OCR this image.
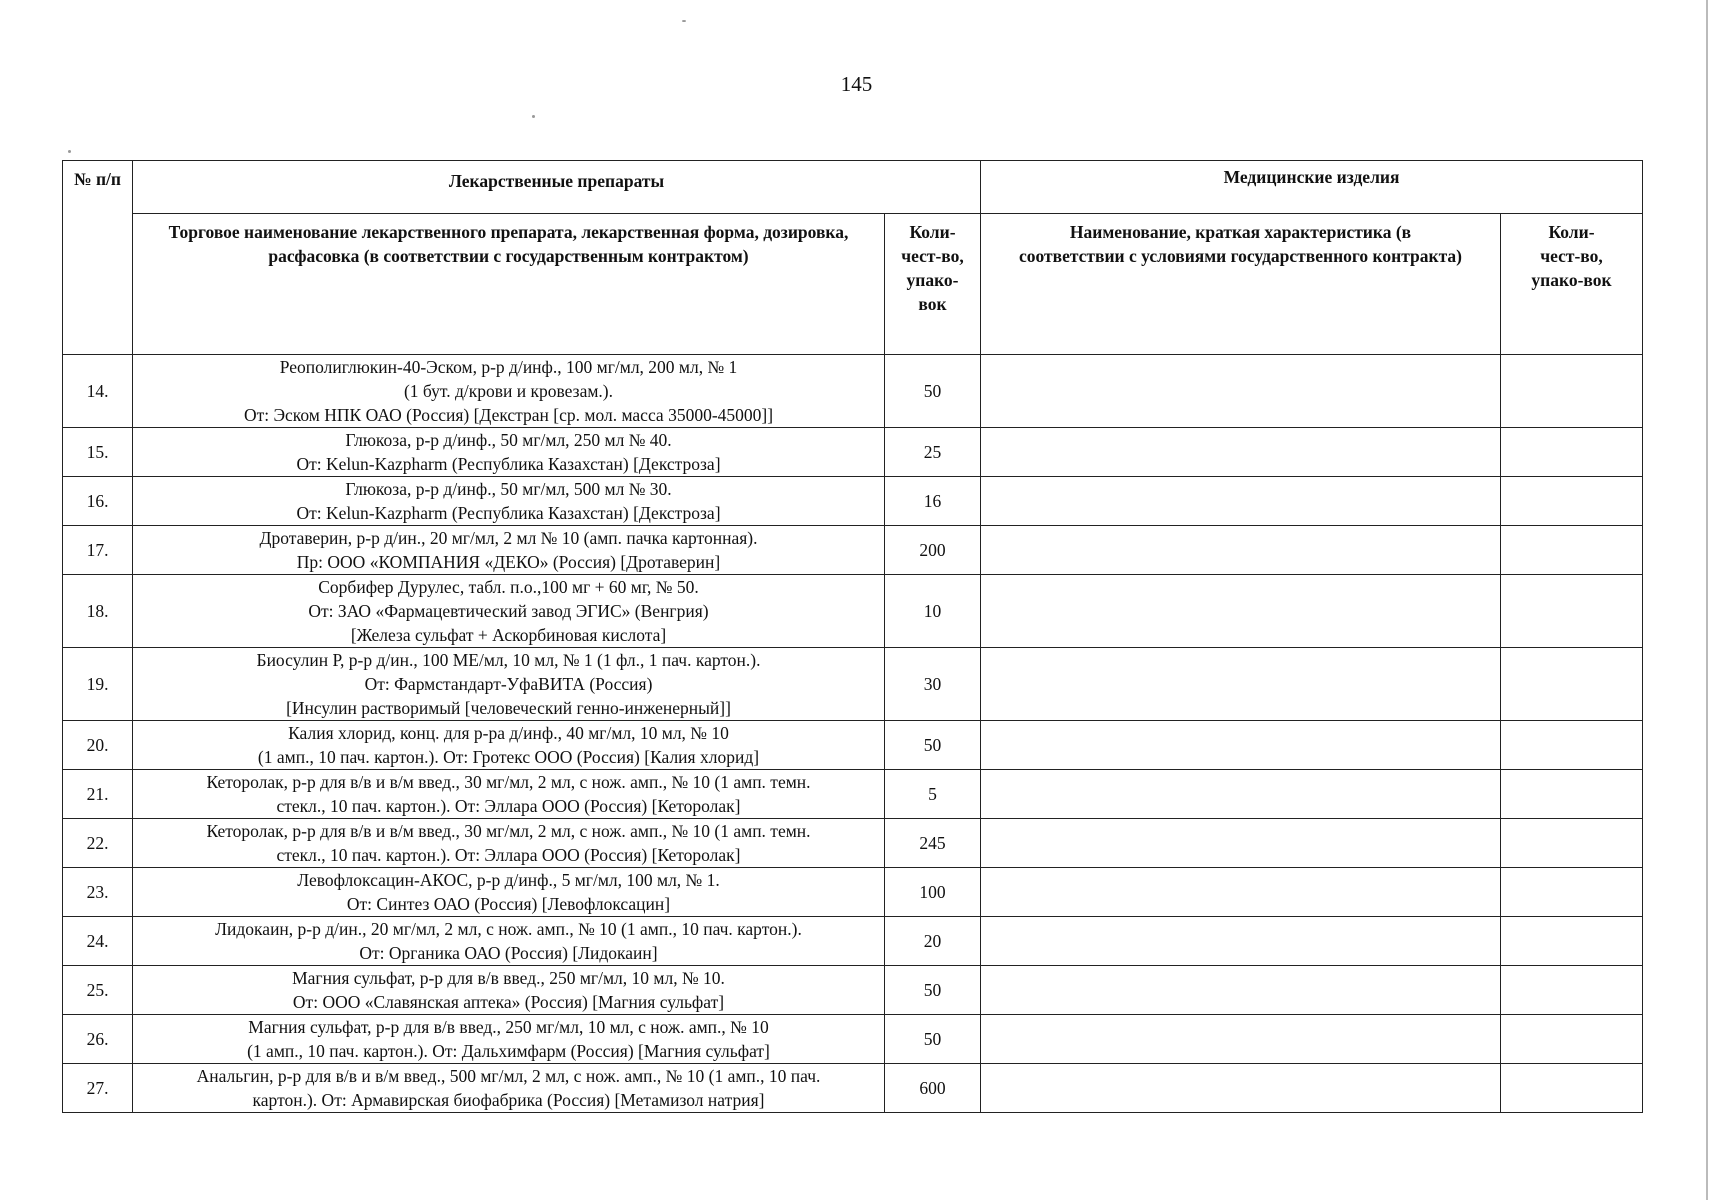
145
№ п/п	Лекарственные препараты		Медицинские изделия	
	Торговое наименование лекарственного препарата, лекарственная форма, дозировка, расфасовка (в соответствии с государственным контрактом)	Коли-чест-во, упако-вок	Наименование, краткая характеристика (в соответствии с условиями государственного контракта)	Коли-чест-во, упако-вок
14.	Реополиглюкин-40-Эском, р-р д/инф., 100 мг/мл, 200 мл, № 1
(1 бут. д/крови и кровезам.).
От: Эском НПК ОАО (Россия) [Декстран [ср. мол. масса 35000-45000]]	50		
15.	Глюкоза, р-р д/инф., 50 мг/мл, 250 мл № 40.
От: Kelun-Kazpharm (Республика Казахстан) [Декстроза]	25		
16.	Глюкоза, р-р д/инф., 50 мг/мл, 500 мл № 30.
От: Kelun-Kazpharm (Республика Казахстан) [Декстроза]	16		
17.	Дротаверин, р-р д/ин., 20 мг/мл, 2 мл № 10 (амп. пачка картонная).
Пр: ООО «КОМПАНИЯ «ДЕКО» (Россия) [Дротаверин]	200		
18.	Сорбифер Дурулес, табл. п.о.,100 мг + 60 мг, № 50.
От: ЗАО «Фармацевтический завод ЭГИС» (Венгрия)
[Железа сульфат + Аскорбиновая кислота]	10		
19.	Биосулин Р, р-р д/ин., 100 МЕ/мл, 10 мл, № 1 (1 фл., 1 пач. картон.).
От: Фармстандарт-УфаВИТА (Россия)
[Инсулин растворимый [человеческий генно-инженерный]]	30		
20.	Калия хлорид, конц. для р-ра д/инф., 40 мг/мл, 10 мл, № 10
(1 амп., 10 пач. картон.). От: Гротекс ООО (Россия) [Калия хлорид]	50		
21.	Кеторолак, р-р для в/в и в/м введ., 30 мг/мл, 2 мл, с нож. амп., № 10 (1 амп. темн.
стекл., 10 пач. картон.). От: Эллара ООО (Россия) [Кеторолак]	5		
22.	Кеторолак, р-р для в/в и в/м введ., 30 мг/мл, 2 мл, с нож. амп., № 10 (1 амп. темн.
стекл., 10 пач. картон.). От: Эллара ООО (Россия) [Кеторолак]	245		
23.	Левофлоксацин-АКОС, р-р д/инф., 5 мг/мл, 100 мл, № 1.
От: Синтез ОАО (Россия) [Левофлоксацин]	100		
24.	Лидокаин, р-р д/ин., 20 мг/мл, 2 мл, с нож. амп., № 10 (1 амп., 10 пач. картон.).
От: Органика ОАО (Россия) [Лидокаин]	20		
25.	Магния сульфат, р-р для в/в введ., 250 мг/мл, 10 мл, № 10.
От: ООО «Славянская аптека» (Россия) [Магния сульфат]	50		
26.	Магния сульфат, р-р для в/в введ., 250 мг/мл, 10 мл, с нож. амп., № 10
(1 амп., 10 пач. картон.). От: Дальхимфарм (Россия) [Магния сульфат]	50		
27.	Анальгин, р-р для в/в и в/м введ., 500 мг/мл, 2 мл, с нож. амп., № 10 (1 амп., 10 пач.
картон.). От: Армавирская биофабрика (Россия) [Метамизол натрия]	600		
